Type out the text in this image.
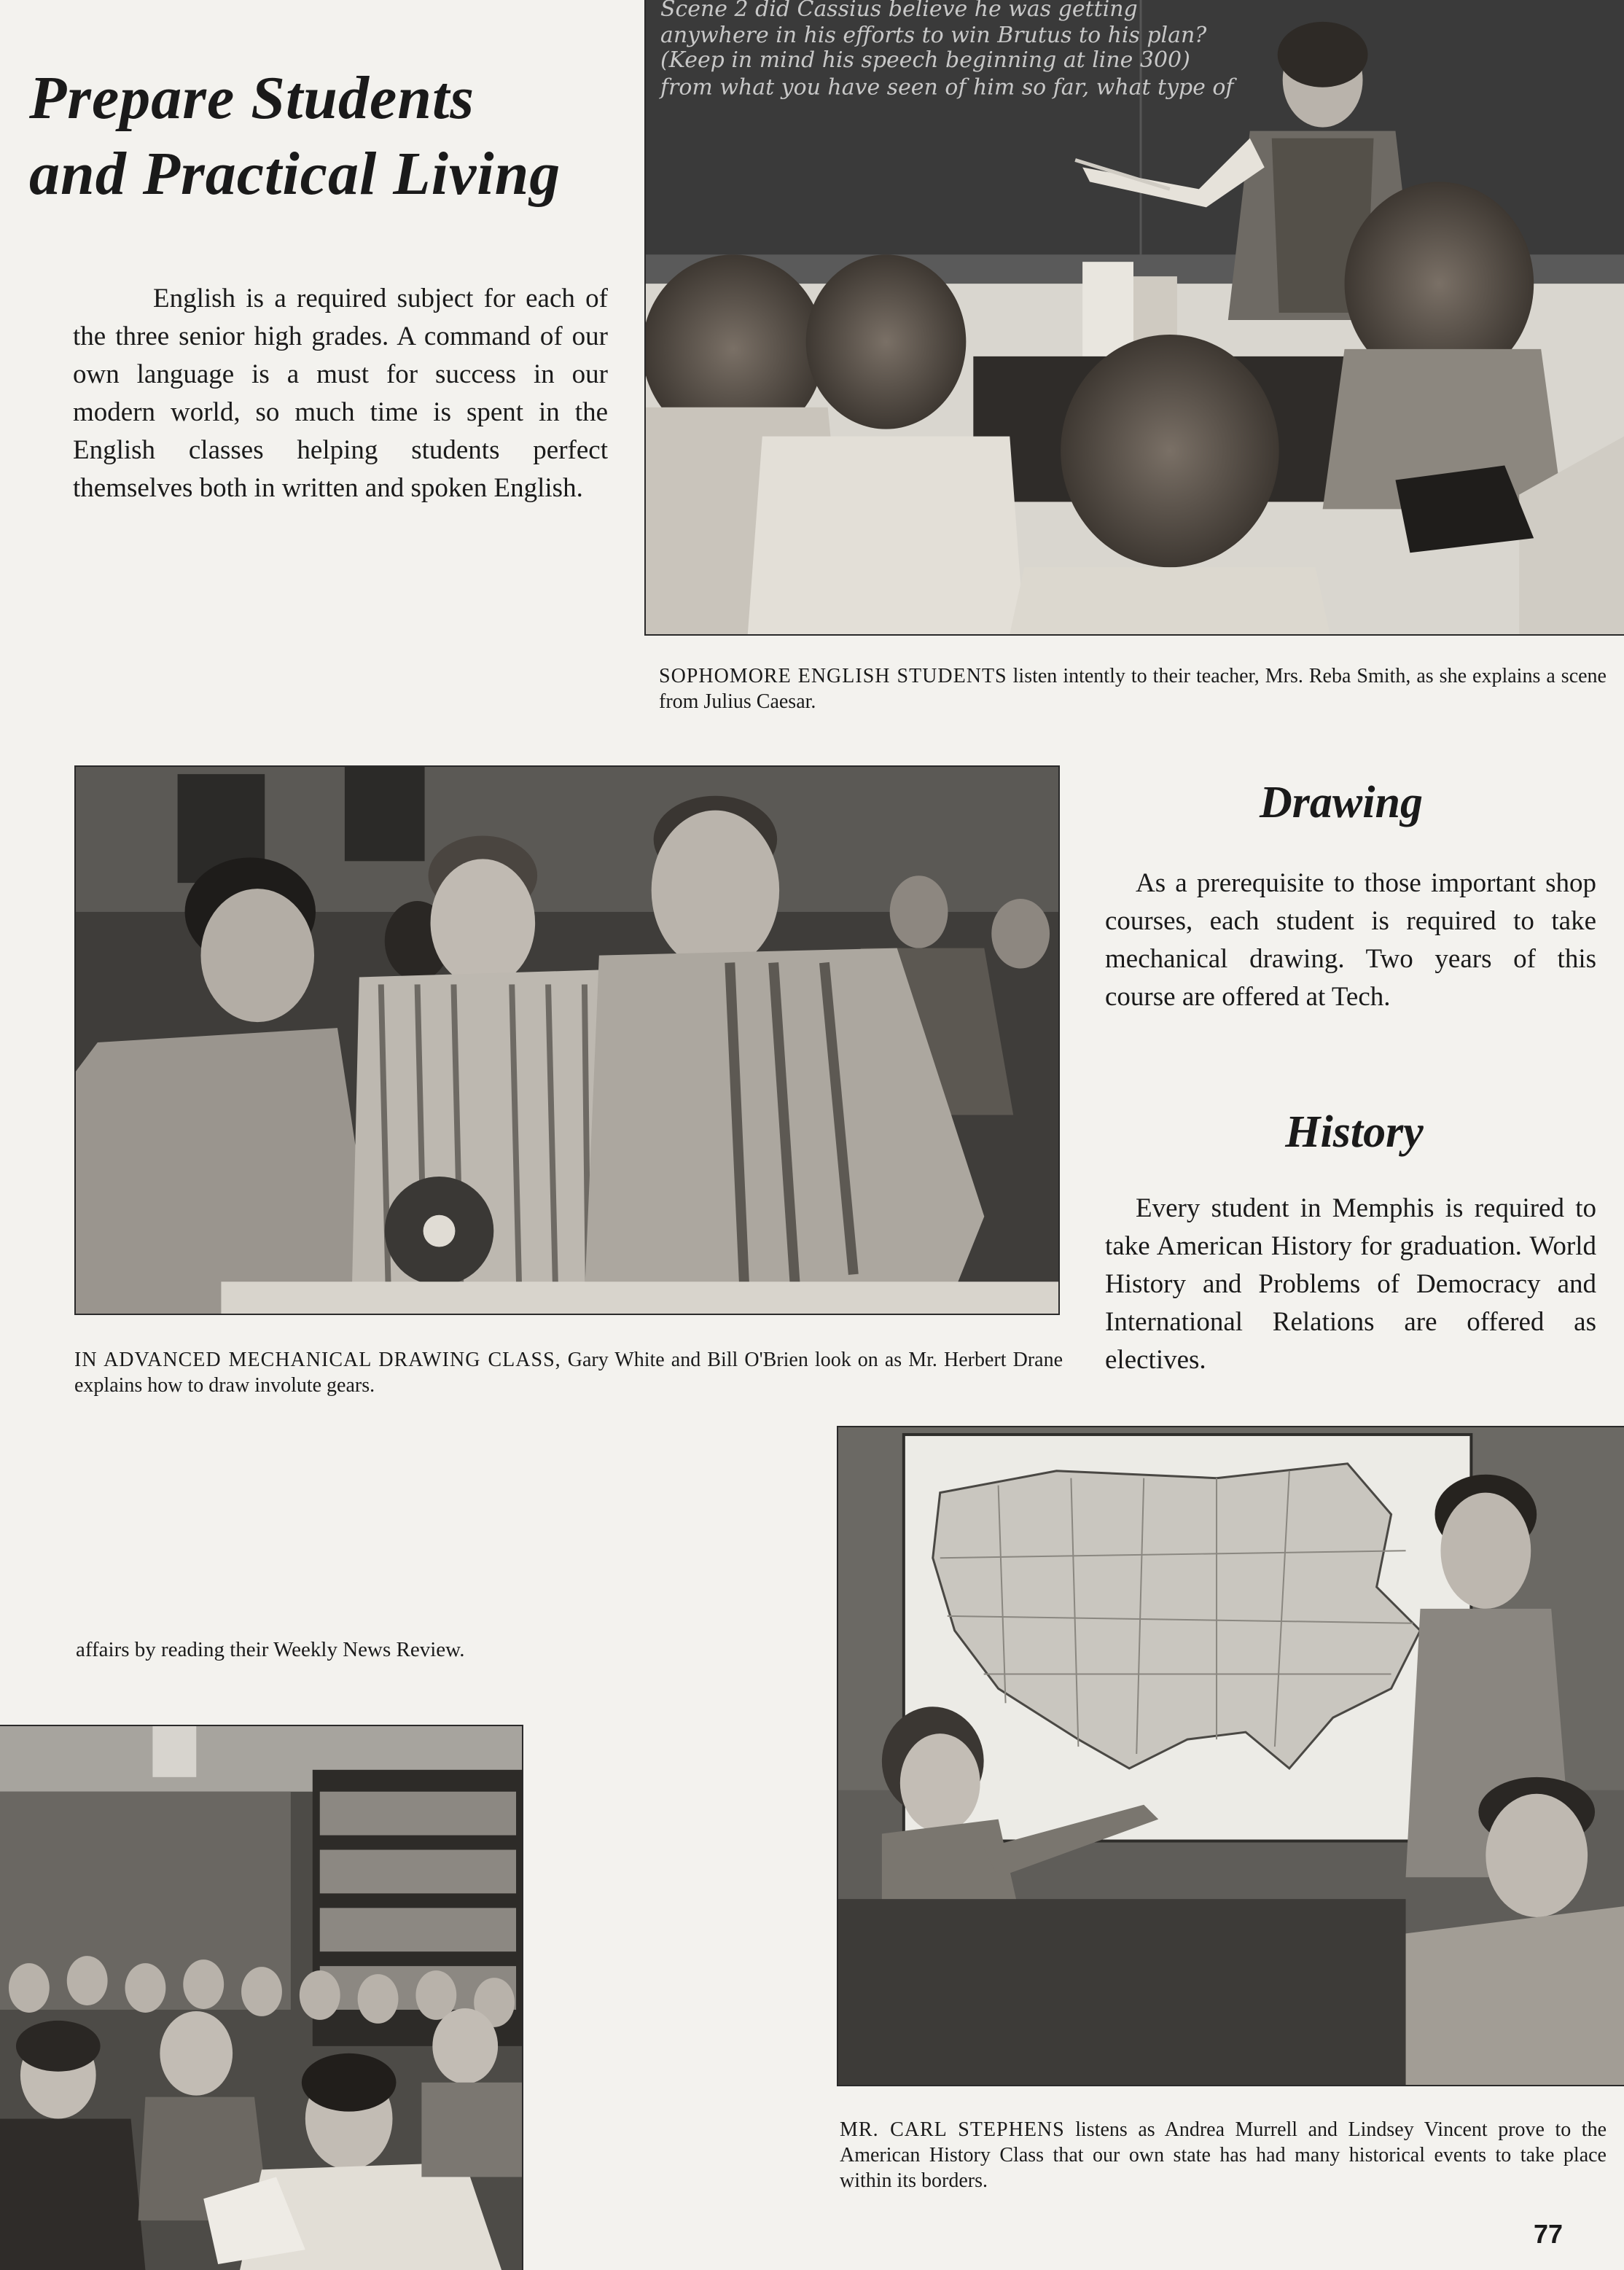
Prepare Students
and Practical Living

English is a required subject for each of the three senior high grades. A command of our own language is a must for success in our modern world, so much time is spent in the English classes helping students perfect themselves both in written and spoken English.

Scene 2 did Cassius believe he was getting
anywhere in his efforts to win Brutus to his plan?
(Keep in mind his speech beginning at line 300)
from what you have seen of him so far, what type of

SOPHOMORE ENGLISH STUDENTS listen intently to their teacher, Mrs. Reba Smith, as she explains a scene from Julius Caesar.

IN ADVANCED MECHANICAL DRAWING CLASS, Gary White and Bill O'Brien look on as Mr. Herbert Drane explains how to draw involute gears.

Drawing

As a prerequisite to those important shop courses, each student is required to take mechanical drawing. Two years of this course are offered at Tech.

History

Every student in Memphis is required to take American History for graduation. World History and Problems of Democracy and International Relations are offered as electives.

affairs by reading their Weekly News Review.

MR. CARL STEPHENS listens as Andrea Murrell and Lindsey Vincent prove to the American History Class that our own state has had many historical events to take place within its borders.

77
